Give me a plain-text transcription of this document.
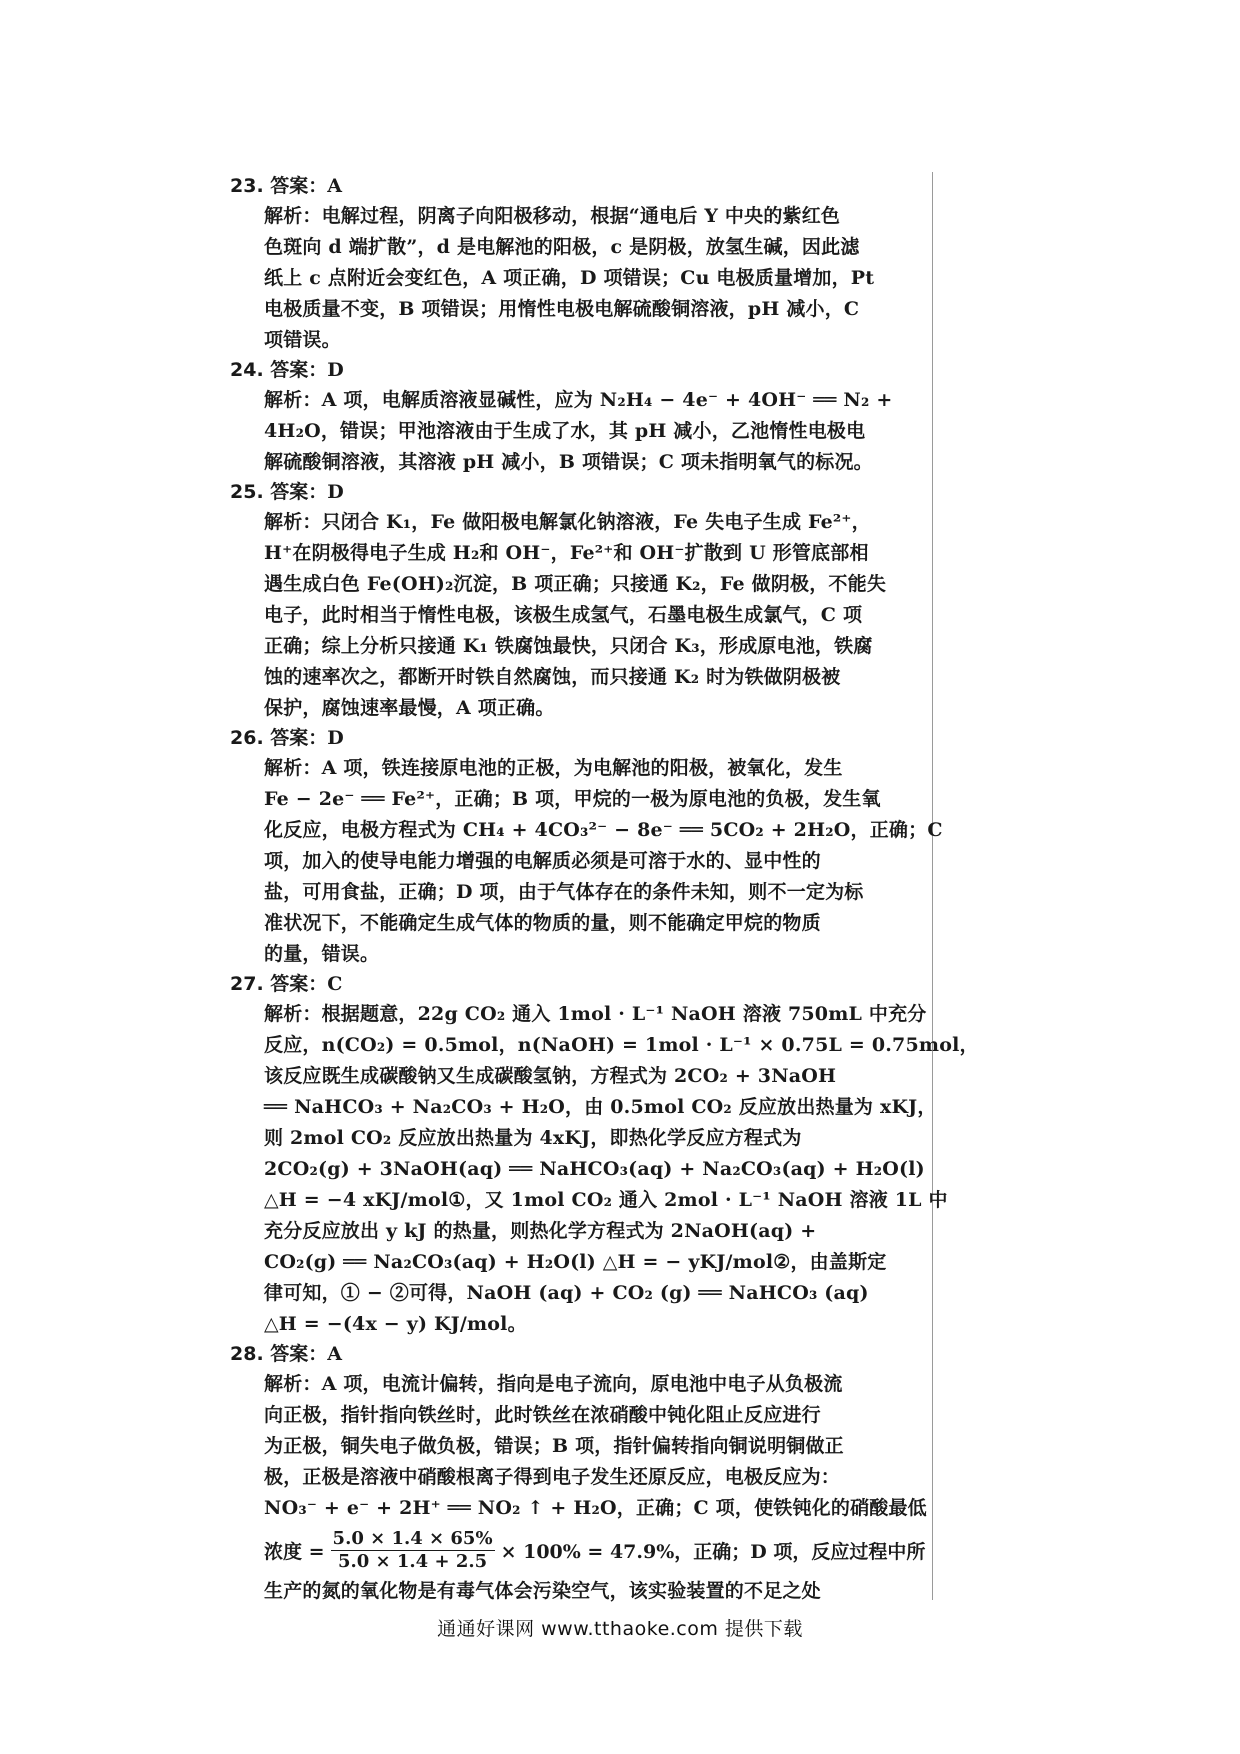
23. 答案：A

解析：电解过程，阴离子向阳极移动，根据“通电后 Y 中央的紫红色

色斑向 d 端扩散”，d 是电解池的阳极，c 是阴极，放氢生碱，因此滤

纸上 c 点附近会变红色，A 项正确，D 项错误；Cu 电极质量增加，Pt

电极质量不变，B 项错误；用惰性电极电解硫酸铜溶液，pH 减小，C

项错误。

24. 答案：D

解析：A 项，电解质溶液显碱性，应为 N₂H₄ − 4e⁻ + 4OH⁻ ══ N₂ +

4H₂O，错误；甲池溶液由于生成了水，其 pH 减小，乙池惰性电极电

解硫酸铜溶液，其溶液 pH 减小，B 项错误；C 项未指明氧气的标况。

25. 答案：D

解析：只闭合 K₁，Fe 做阳极电解氯化钠溶液，Fe 失电子生成 Fe²⁺，

H⁺在阴极得电子生成 H₂和 OH⁻，Fe²⁺和 OH⁻扩散到 U 形管底部相

遇生成白色 Fe(OH)₂沉淀，B 项正确；只接通 K₂，Fe 做阴极，不能失

电子，此时相当于惰性电极，该极生成氢气，石墨电极生成氯气，C 项

正确；综上分析只接通 K₁ 铁腐蚀最快，只闭合 K₃，形成原电池，铁腐

蚀的速率次之，都断开时铁自然腐蚀，而只接通 K₂ 时为铁做阴极被

保护，腐蚀速率最慢，A 项正确。

26. 答案：D

解析：A 项，铁连接原电池的正极，为电解池的阳极，被氧化，发生

Fe − 2e⁻ ══ Fe²⁺，正确；B 项，甲烷的一极为原电池的负极，发生氧

化反应，电极方程式为 CH₄ + 4CO₃²⁻ − 8e⁻ ══ 5CO₂ + 2H₂O，正确；C

项，加入的使导电能力增强的电解质必须是可溶于水的、显中性的

盐，可用食盐，正确；D 项，由于气体存在的条件未知，则不一定为标

准状况下，不能确定生成气体的物质的量，则不能确定甲烷的物质

的量，错误。

27. 答案：C

解析：根据题意，22g CO₂ 通入 1mol · L⁻¹ NaOH 溶液 750mL 中充分

反应，n(CO₂) = 0.5mol，n(NaOH) = 1mol · L⁻¹ × 0.75L = 0.75mol，

该反应既生成碳酸钠又生成碳酸氢钠，方程式为 2CO₂ + 3NaOH

══ NaHCO₃ + Na₂CO₃ + H₂O，由 0.5mol CO₂ 反应放出热量为 xKJ，

则 2mol CO₂ 反应放出热量为 4xKJ，即热化学反应方程式为

2CO₂(g) + 3NaOH(aq) ══ NaHCO₃(aq) + Na₂CO₃(aq) + H₂O(l)

△H = −4 xKJ/mol①，又 1mol CO₂ 通入 2mol · L⁻¹ NaOH 溶液 1L 中

充分反应放出 y kJ 的热量，则热化学方程式为 2NaOH(aq) +

CO₂(g) ══ Na₂CO₃(aq) + H₂O(l) △H = − yKJ/mol②，由盖斯定

律可知，① − ②可得，NaOH (aq) + CO₂ (g) ══ NaHCO₃ (aq)

△H = −(4x − y) KJ/mol。

28. 答案：A

解析：A 项，电流计偏转，指向是电子流向，原电池中电子从负极流

向正极，指针指向铁丝时，此时铁丝在浓硝酸中钝化阻止反应进行

为正极，铜失电子做负极，错误；B 项，指针偏转指向铜说明铜做正

极，正极是溶液中硝酸根离子得到电子发生还原反应，电极反应为：

NO₃⁻ + e⁻ + 2H⁺ ══ NO₂ ↑ + H₂O，正确；C 项，使铁钝化的硝酸最低

浓度 = $\frac{5.0 \times 1.4 \times 65\%}{5.0 \times 1.4 + 2.5} \times 100\% = 47.9\%$，正确；D 项，反应过程中所

生产的氮的氧化物是有毒气体会污染空气，该实验装置的不足之处

通通好课网 www.tthaoke.com 提供下载
